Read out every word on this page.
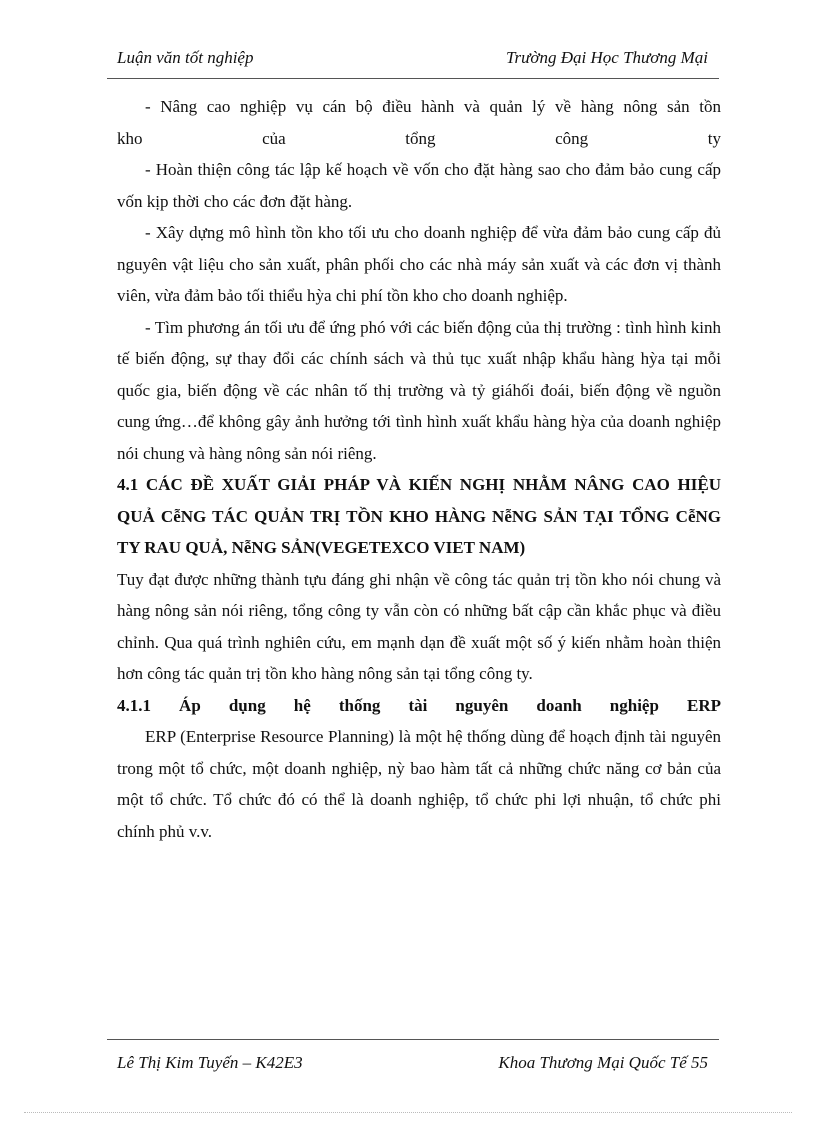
Luận văn tốt nghiệp	Trường Đại Học Thương Mại

- Nâng cao nghiệp vụ cán bộ điều hành và quản lý về hàng nông sản tồn

kho của tổng công ty

- Hoàn thiện công tác lập kế hoạch về vốn cho đặt hàng sao cho đảm bảo cung cấp vốn kịp thời cho các đơn đặt hàng.

- Xây dựng mô hình tồn kho tối ưu cho doanh nghiệp để vừa đảm bảo cung cấp đủ nguyên vật liệu cho sản xuất, phân phối cho các nhà máy sản xuất và các đơn vị thành viên, vừa đảm bảo tối thiểu hỳa chi phí tồn kho cho doanh nghiệp.

- Tìm phương án tối ưu để ứng phó với các biến động của thị trường : tình hình kinh tế biến động, sự thay đổi các chính sách và thủ tục xuất nhập khẩu hàng hỳa tại mỗi quốc gia, biến động về các nhân tố thị trường và tỷ giáhối đoái, biến động về nguồn cung ứng…để không gây ảnh hưởng tới tình hình xuất khẩu hàng hỳa của doanh nghiệp nói chung và hàng nông sản nói riêng.

4.1 CÁC ĐỀ XUẤT GIẢI PHÁP VÀ KIẾN NGHỊ NHẰM NÂNG CAO HIỆU QUẢ CễNG TÁC QUẢN TRỊ TỒN KHO HÀNG NễNG SẢN TẠI TỔNG CễNG TY RAU QUẢ, NễNG SẢN(VEGETEXCO VIET NAM)

Tuy đạt được những thành tựu đáng ghi nhận về công tác quản trị tồn kho nói chung và hàng nông sản nói riêng, tổng công ty vẫn còn có những bất cập cần khắc phục và điều chỉnh. Qua quá trình nghiên cứu, em mạnh dạn đề xuất một số ý kiến nhằm hoàn thiện hơn công tác quản trị tồn kho hàng nông sản tại tổng công ty.

4.1.1 Áp dụng hệ thống tài nguyên doanh nghiệp ERP

ERP (Enterprise Resource Planning) là một hệ thống dùng để hoạch định tài nguyên trong một tổ chức, một doanh nghiệp, nỳ bao hàm tất cả những chức năng cơ bản của một tổ chức. Tổ chức đó có thể là doanh nghiệp, tổ chức phi lợi nhuận, tổ chức phi chính phủ v.v.

Lê Thị Kim Tuyến – K42E3	Khoa Thương Mại Quốc Tế 55
